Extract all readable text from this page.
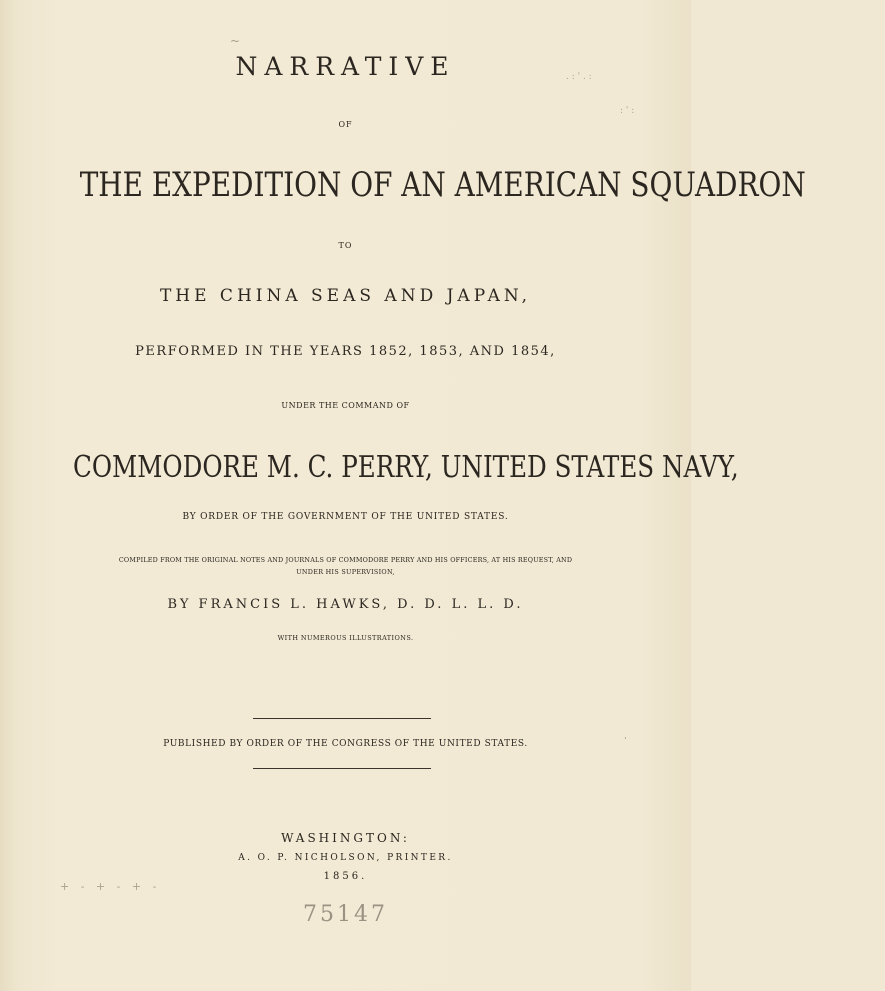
NARRATIVE
OF
THE EXPEDITION OF AN AMERICAN SQUADRON
TO
THE CHINA SEAS AND JAPAN,
PERFORMED IN THE YEARS 1852, 1853, AND 1854,
UNDER THE COMMAND OF
COMMODORE M. C. PERRY, UNITED STATES NAVY,
BY ORDER OF THE GOVERNMENT OF THE UNITED STATES.
COMPILED FROM THE ORIGINAL NOTES AND JOURNALS OF COMMODORE PERRY AND HIS OFFICERS, AT HIS REQUEST, AND
UNDER HIS SUPERVISION,
BY FRANCIS L. HAWKS, D. D. L. L. D.
WITH NUMEROUS ILLUSTRATIONS.
PUBLISHED BY ORDER OF THE CONGRESS OF THE UNITED STATES.
WASHINGTON:
A. O. P. NICHOLSON, PRINTER.
1856.
75147
~
. : ' . :
: ' :
·
+ - + - + -
